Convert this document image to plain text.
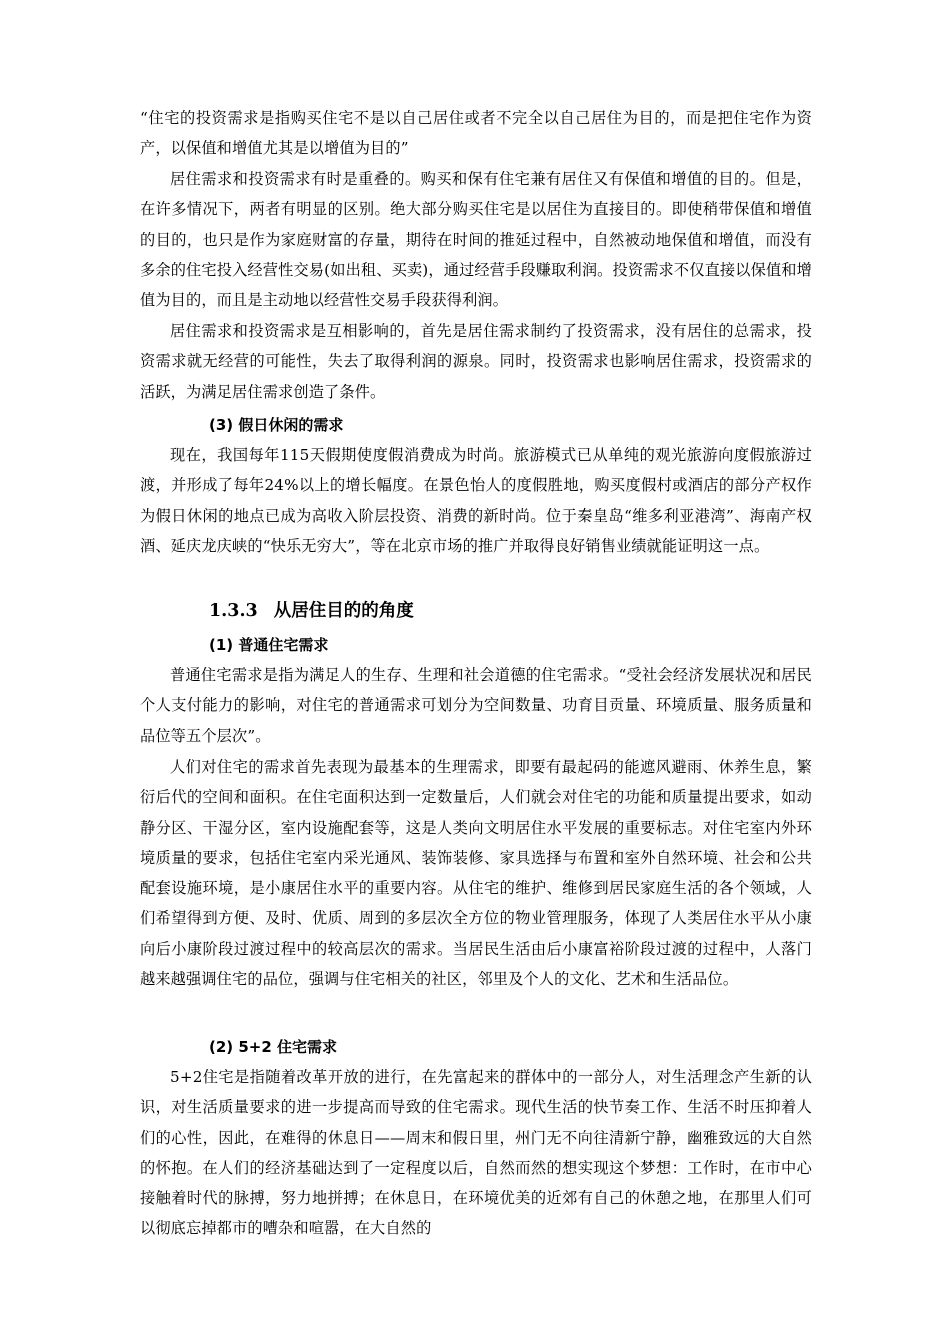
“住宅的投资需求是指购买住宅不是以自己居住或者不完全以自己居住为目的，而是把住宅作为资产，以保值和增值尤其是以增值为目的”

居住需求和投资需求有时是重叠的。购买和保有住宅兼有居住又有保值和增值的目的。但是，在许多情况下，两者有明显的区别。绝大部分购买住宅是以居住为直接目的。即使稍带保值和增值的目的，也只是作为家庭财富的存量，期待在时间的推延过程中，自然被动地保值和增值，而没有多余的住宅投入经营性交易(如出租、买卖)，通过经营手段赚取利润。投资需求不仅直接以保值和增值为目的，而且是主动地以经营性交易手段获得利润。

居住需求和投资需求是互相影响的，首先是居住需求制约了投资需求，没有居住的总需求，投资需求就无经营的可能性，失去了取得利润的源泉。同时，投资需求也影响居住需求，投资需求的活跃，为满足居住需求创造了条件。

(3) 假日休闲的需求

现在，我国每年115天假期使度假消费成为时尚。旅游模式已从单纯的观光旅游向度假旅游过渡，并形成了每年24%以上的增长幅度。在景色怡人的度假胜地，购买度假村或酒店的部分产权作为假日休闲的地点已成为高收入阶层投资、消费的新时尚。位于秦皇岛“维多利亚港湾”、海南产权酒、延庆龙庆峡的“快乐无穷大”，等在北京市场的推广并取得良好销售业绩就能证明这一点。

1.3.3 从居住目的的角度
(1) 普通住宅需求

普通住宅需求是指为满足人的生存、生理和社会道德的住宅需求。“受社会经济发展状况和居民个人支付能力的影响，对住宅的普通需求可划分为空间数量、功育目贡量、环境质量、服务质量和品位等五个层次”。

人们对住宅的需求首先表现为最基本的生理需求，即要有最起码的能遮风避雨、休养生息，繁衍后代的空间和面积。在住宅面积达到一定数量后，人们就会对住宅的功能和质量提出要求，如动静分区、干湿分区，室内设施配套等，这是人类向文明居住水平发展的重要标志。对住宅室内外环境质量的要求，包括住宅室内采光通风、装饰装修、家具选择与布置和室外自然环境、社会和公共配套设施环境，是小康居住水平的重要内容。从住宅的维护、维修到居民家庭生活的各个领域，人们希望得到方便、及时、优质、周到的多层次全方位的物业管理服务，体现了人类居住水平从小康向后小康阶段过渡过程中的较高层次的需求。当居民生活由后小康富裕阶段过渡的过程中，人落门越来越强调住宅的品位，强调与住宅相关的社区，邻里及个人的文化、艺术和生活品位。

(2) 5+2 住宅需求

5+2住宅是指随着改革开放的进行，在先富起来的群体中的一部分人，对生活理念产生新的认识，对生活质量要求的进一步提高而导致的住宅需求。现代生活的快节奏工作、生活不时压抑着人们的心性，因此，在难得的休息日——周末和假日里，州门无不向往清新宁静，幽雅致远的大自然的怀抱。在人们的经济基础达到了一定程度以后，自然而然的想实现这个梦想：工作时，在市中心接触着时代的脉搏，努力地拼搏；在休息日，在环境优美的近郊有自己的休憩之地，在那里人们可以彻底忘掉都市的嘈杂和喧嚣，在大自然的
